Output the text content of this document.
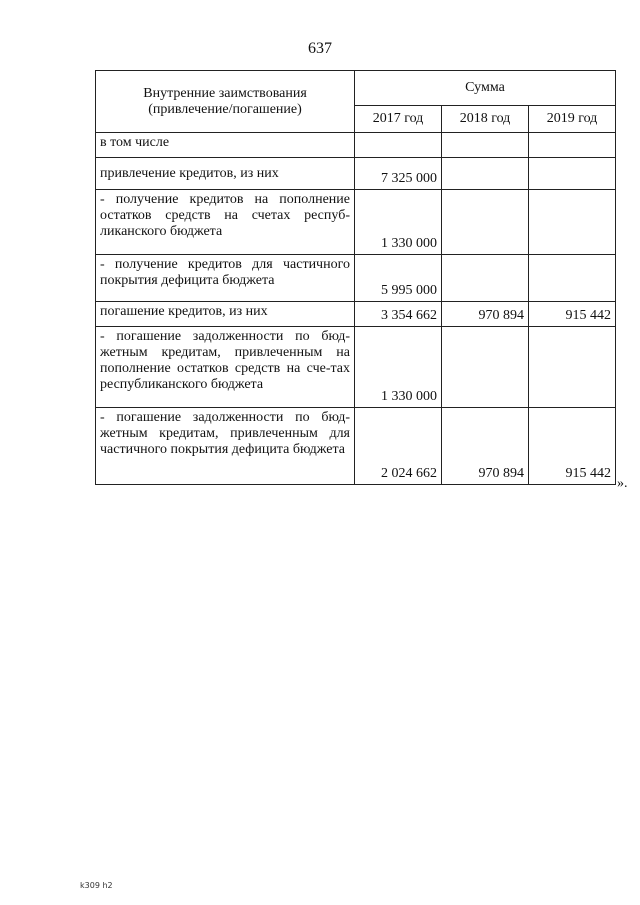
637
Внутренние заимствования (привлечение/погашение)	Сумма		
	2017 год	2018 год	2019 год
в том числе			
привлечение кредитов, из них	7 325 000		
- получение кредитов на пополнение остатков средств на счетах респуб-ликанского бюджета	1 330 000		
- получение кредитов для частичного покрытия дефицита бюджета	5 995 000		
погашение кредитов, из них	3 354 662	970 894	915 442
- погашение задолженности по бюд-жетным кредитам, привлеченным на пополнение остатков средств на сче-тах республиканского бюджета	1 330 000		
- погашение задолженности по бюд-жетным кредитам, привлеченным для частичного покрытия дефицита бюджета	2 024 662	970 894	915 442
».
k309 h2
